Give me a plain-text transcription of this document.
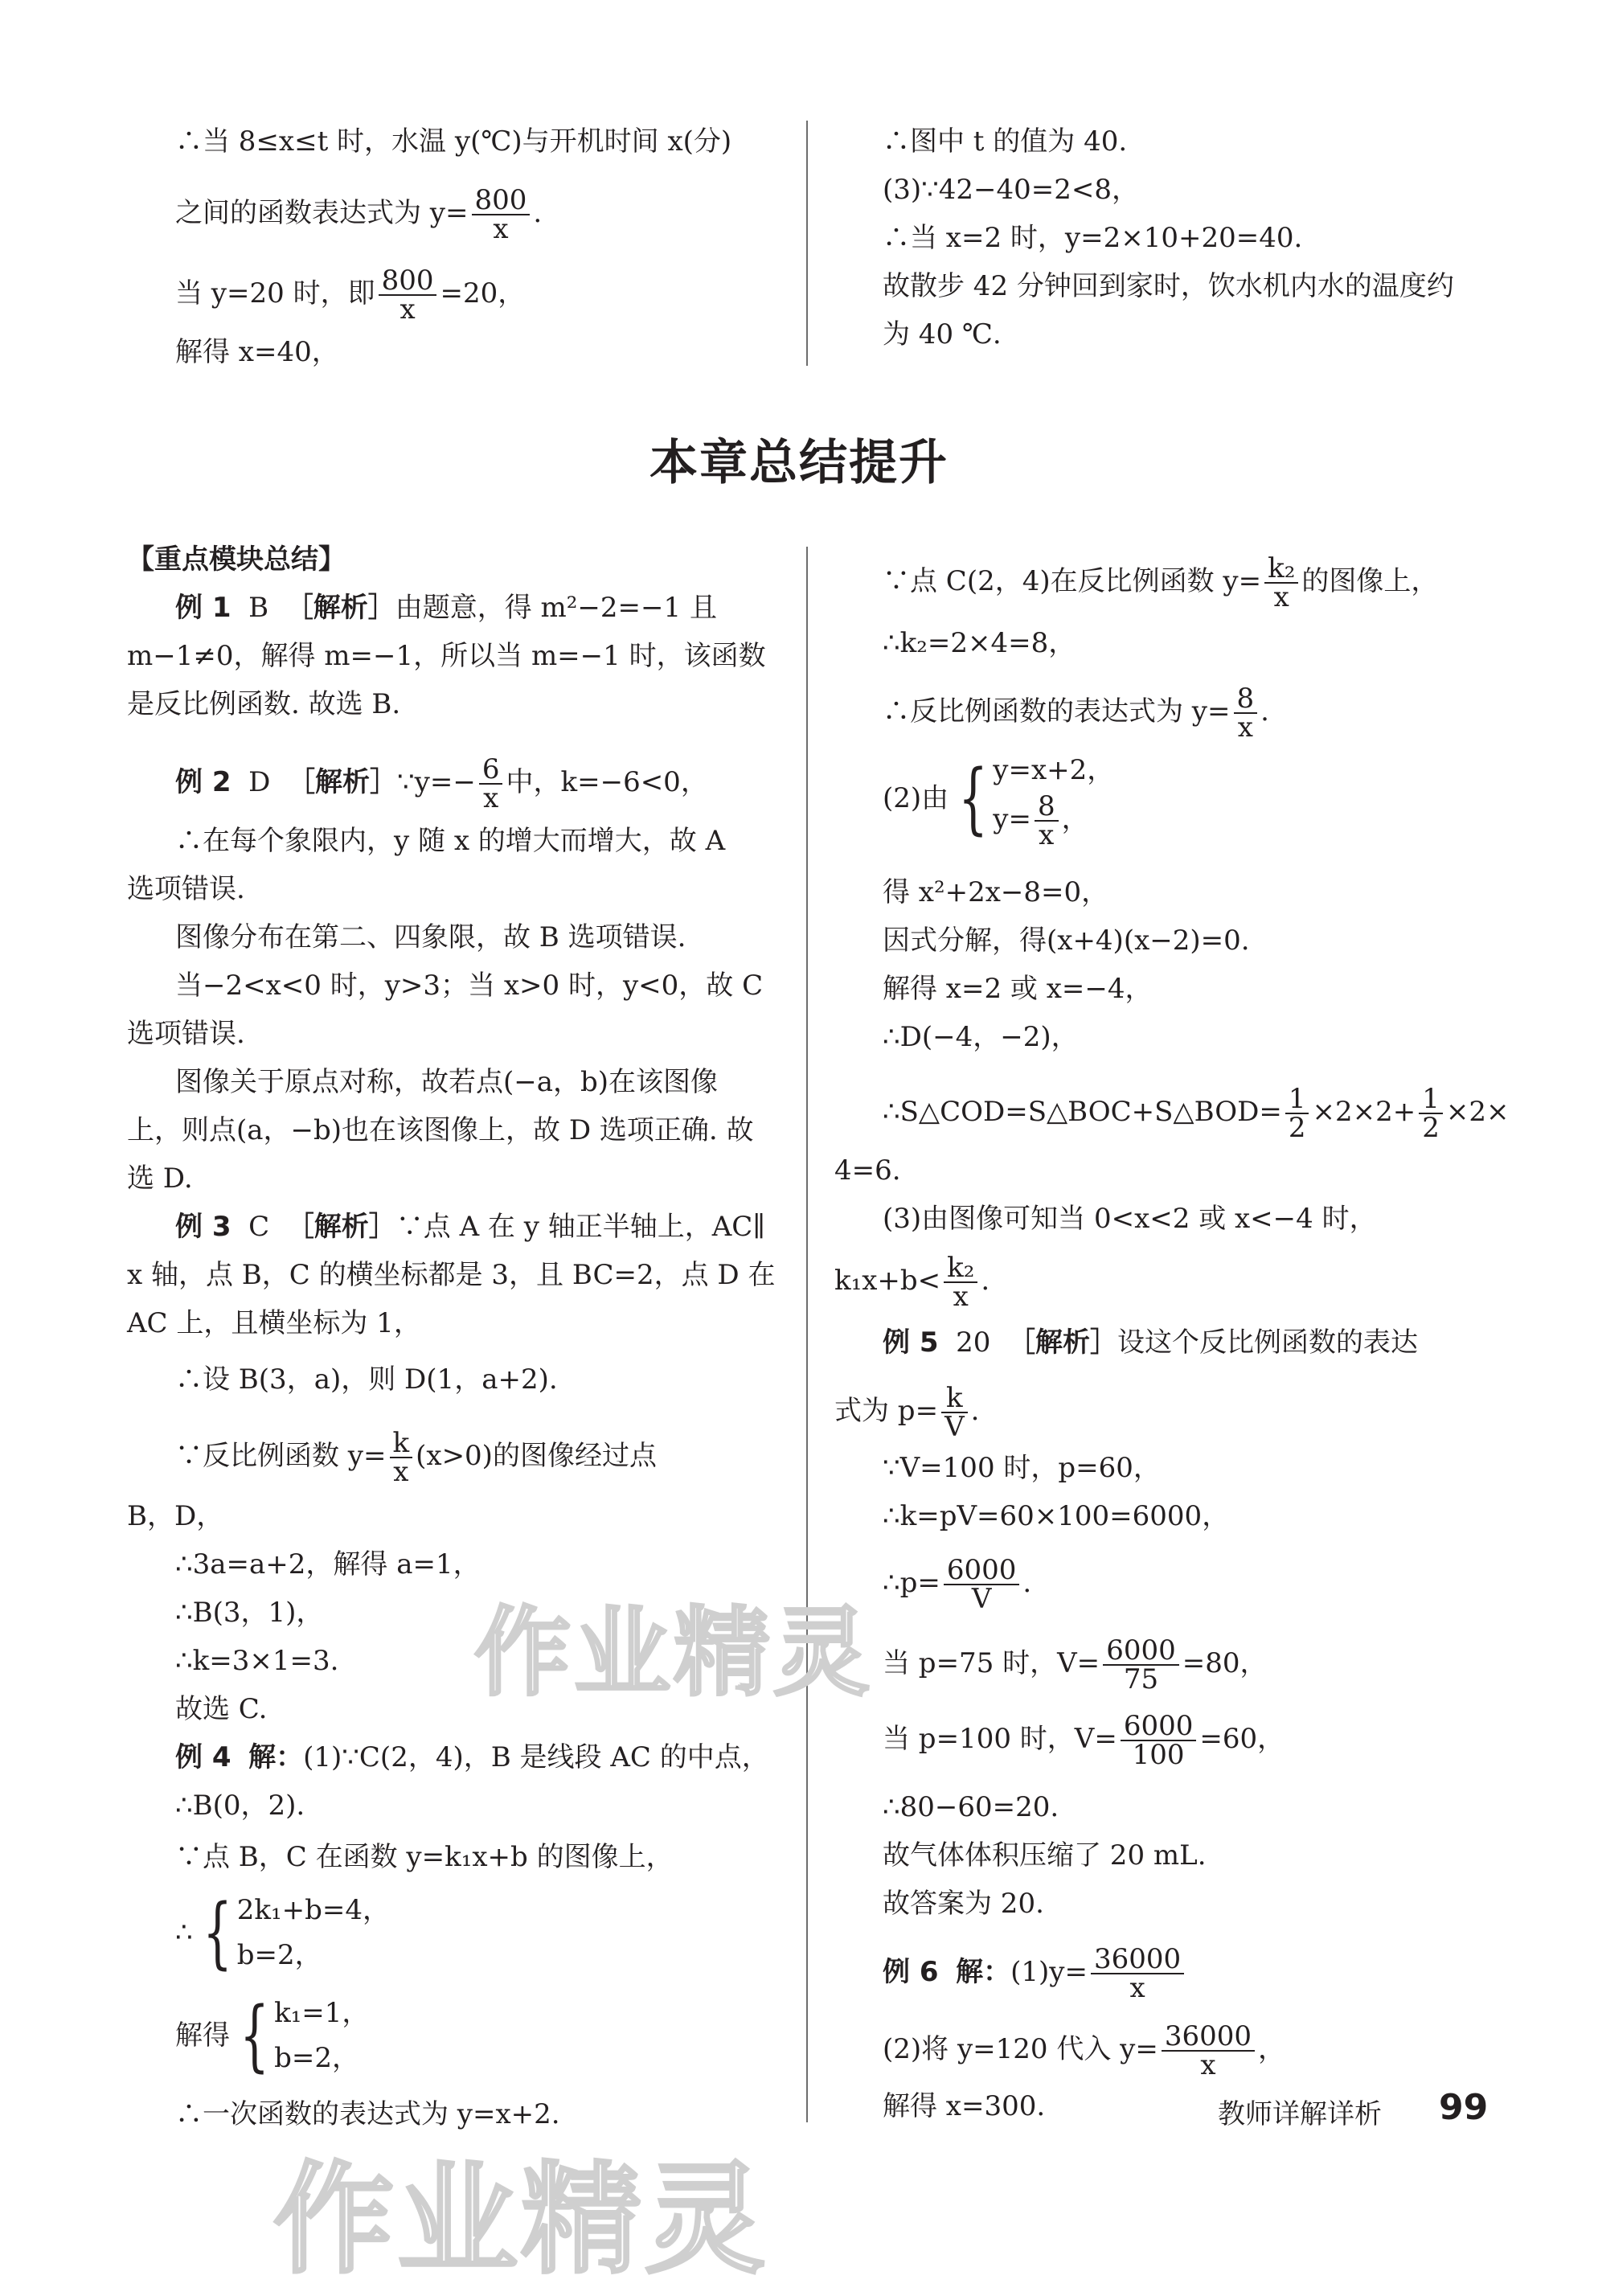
∴当 8≤x≤t 时，水温 y(℃)与开机时间 x(分)
之间的函数表达式为 $y= \frac{800}{x}$ .
当 y=20 时，即 $\frac{800}{x} =20$，
解得 x=40，
∴图中 t 的值为 40.
(3)∵42−40=2<8，
∴当 x=2 时，y=2×10+20=40.
故散步 42 分钟回到家时，饮水机内水的温度约
为 40 ℃.
本章总结提升
【重点模块总结】
例 1 B ［解析］由题意，得 m²−2=−1 且
m−1≠0，解得 m=−1，所以当 m=−1 时，该函数
是反比例函数. 故选 B.
例 2 D ［解析］∵y=− $\frac{6}{x}$ 中，k=−6<0，
∴在每个象限内，y 随 x 的增大而增大，故 A
选项错误.
图像分布在第二、四象限，故 B 选项错误.
当−2<x<0 时，y>3；当 x>0 时，y<0，故 C
选项错误.
图像关于原点对称，故若点(−a，b)在该图像
上，则点(a，−b)也在该图像上，故 D 选项正确. 故
选 D.
例 3 C ［解析］∵点 A 在 y 轴正半轴上，AC∥
x 轴，点 B，C 的横坐标都是 3，且 BC=2，点 D 在
AC 上，且横坐标为 1，
∴设 B(3，a)，则 D(1，a+2).
∵反比例函数 $y= \frac{k}{x} (x>0)$的图像经过点
B，D，
∴3a=a+2，解得 a=1，
∴B(3，1)，
∴k=3×1=3.
故选 C.
例 4 解：(1)∵C(2，4)，B 是线段 AC 的中点，
∴B(0，2).
∵点 B，C 在函数 y=k₁x+b 的图像上，
∴ { 2k₁+b=4，
b=2，
解得 { k₁=1，
b=2，
∴一次函数的表达式为 y=x+2.
∵点 C(2，4)在反比例函数 $y= \frac{\text{k₂}}{x}$ 的图像上，
∴k₂=2×4=8，
∴反比例函数的表达式为 $y= \frac{8}{x}$ .
(2)由 { y=x+2，
$y= \frac{8}{x}$ ，
得 x²+2x−8=0，
因式分解，得(x+4)(x−2)=0.
解得 x=2 或 x=−4，
∴D(−4，−2)，
∴S△COD=S△BOC+S△BOD= $\frac{1}{2} \times 2\times 2+ \frac{1}{2} \times 2\times$
4=6.
(3)由图像可知当 0<x<2 或 x<−4 时，
$k_1x+b< \frac{\text{k₂}}{x}$ .
例 5 20 ［解析］设这个反比例函数的表达
式为 $p= \frac{k}{V}$ .
∵V=100 时，p=60，
∴k=pV=60×100=6000，
∴p= $\frac{6000}{V}$ .
当 p=75 时，$V= \frac{6000}{75} =80$，
当 p=100 时，$V= \frac{6000}{100} =60$，
∴80−60=20.
故气体体积压缩了 20 mL.
故答案为 20.
例 6 解：$(1)y= \frac{36000}{x}$
(2)将 y=120 代入 $y= \frac{36000}{x}$ ，
解得 x=300.	教师详解详析 99
作业精灵
作业精灵
